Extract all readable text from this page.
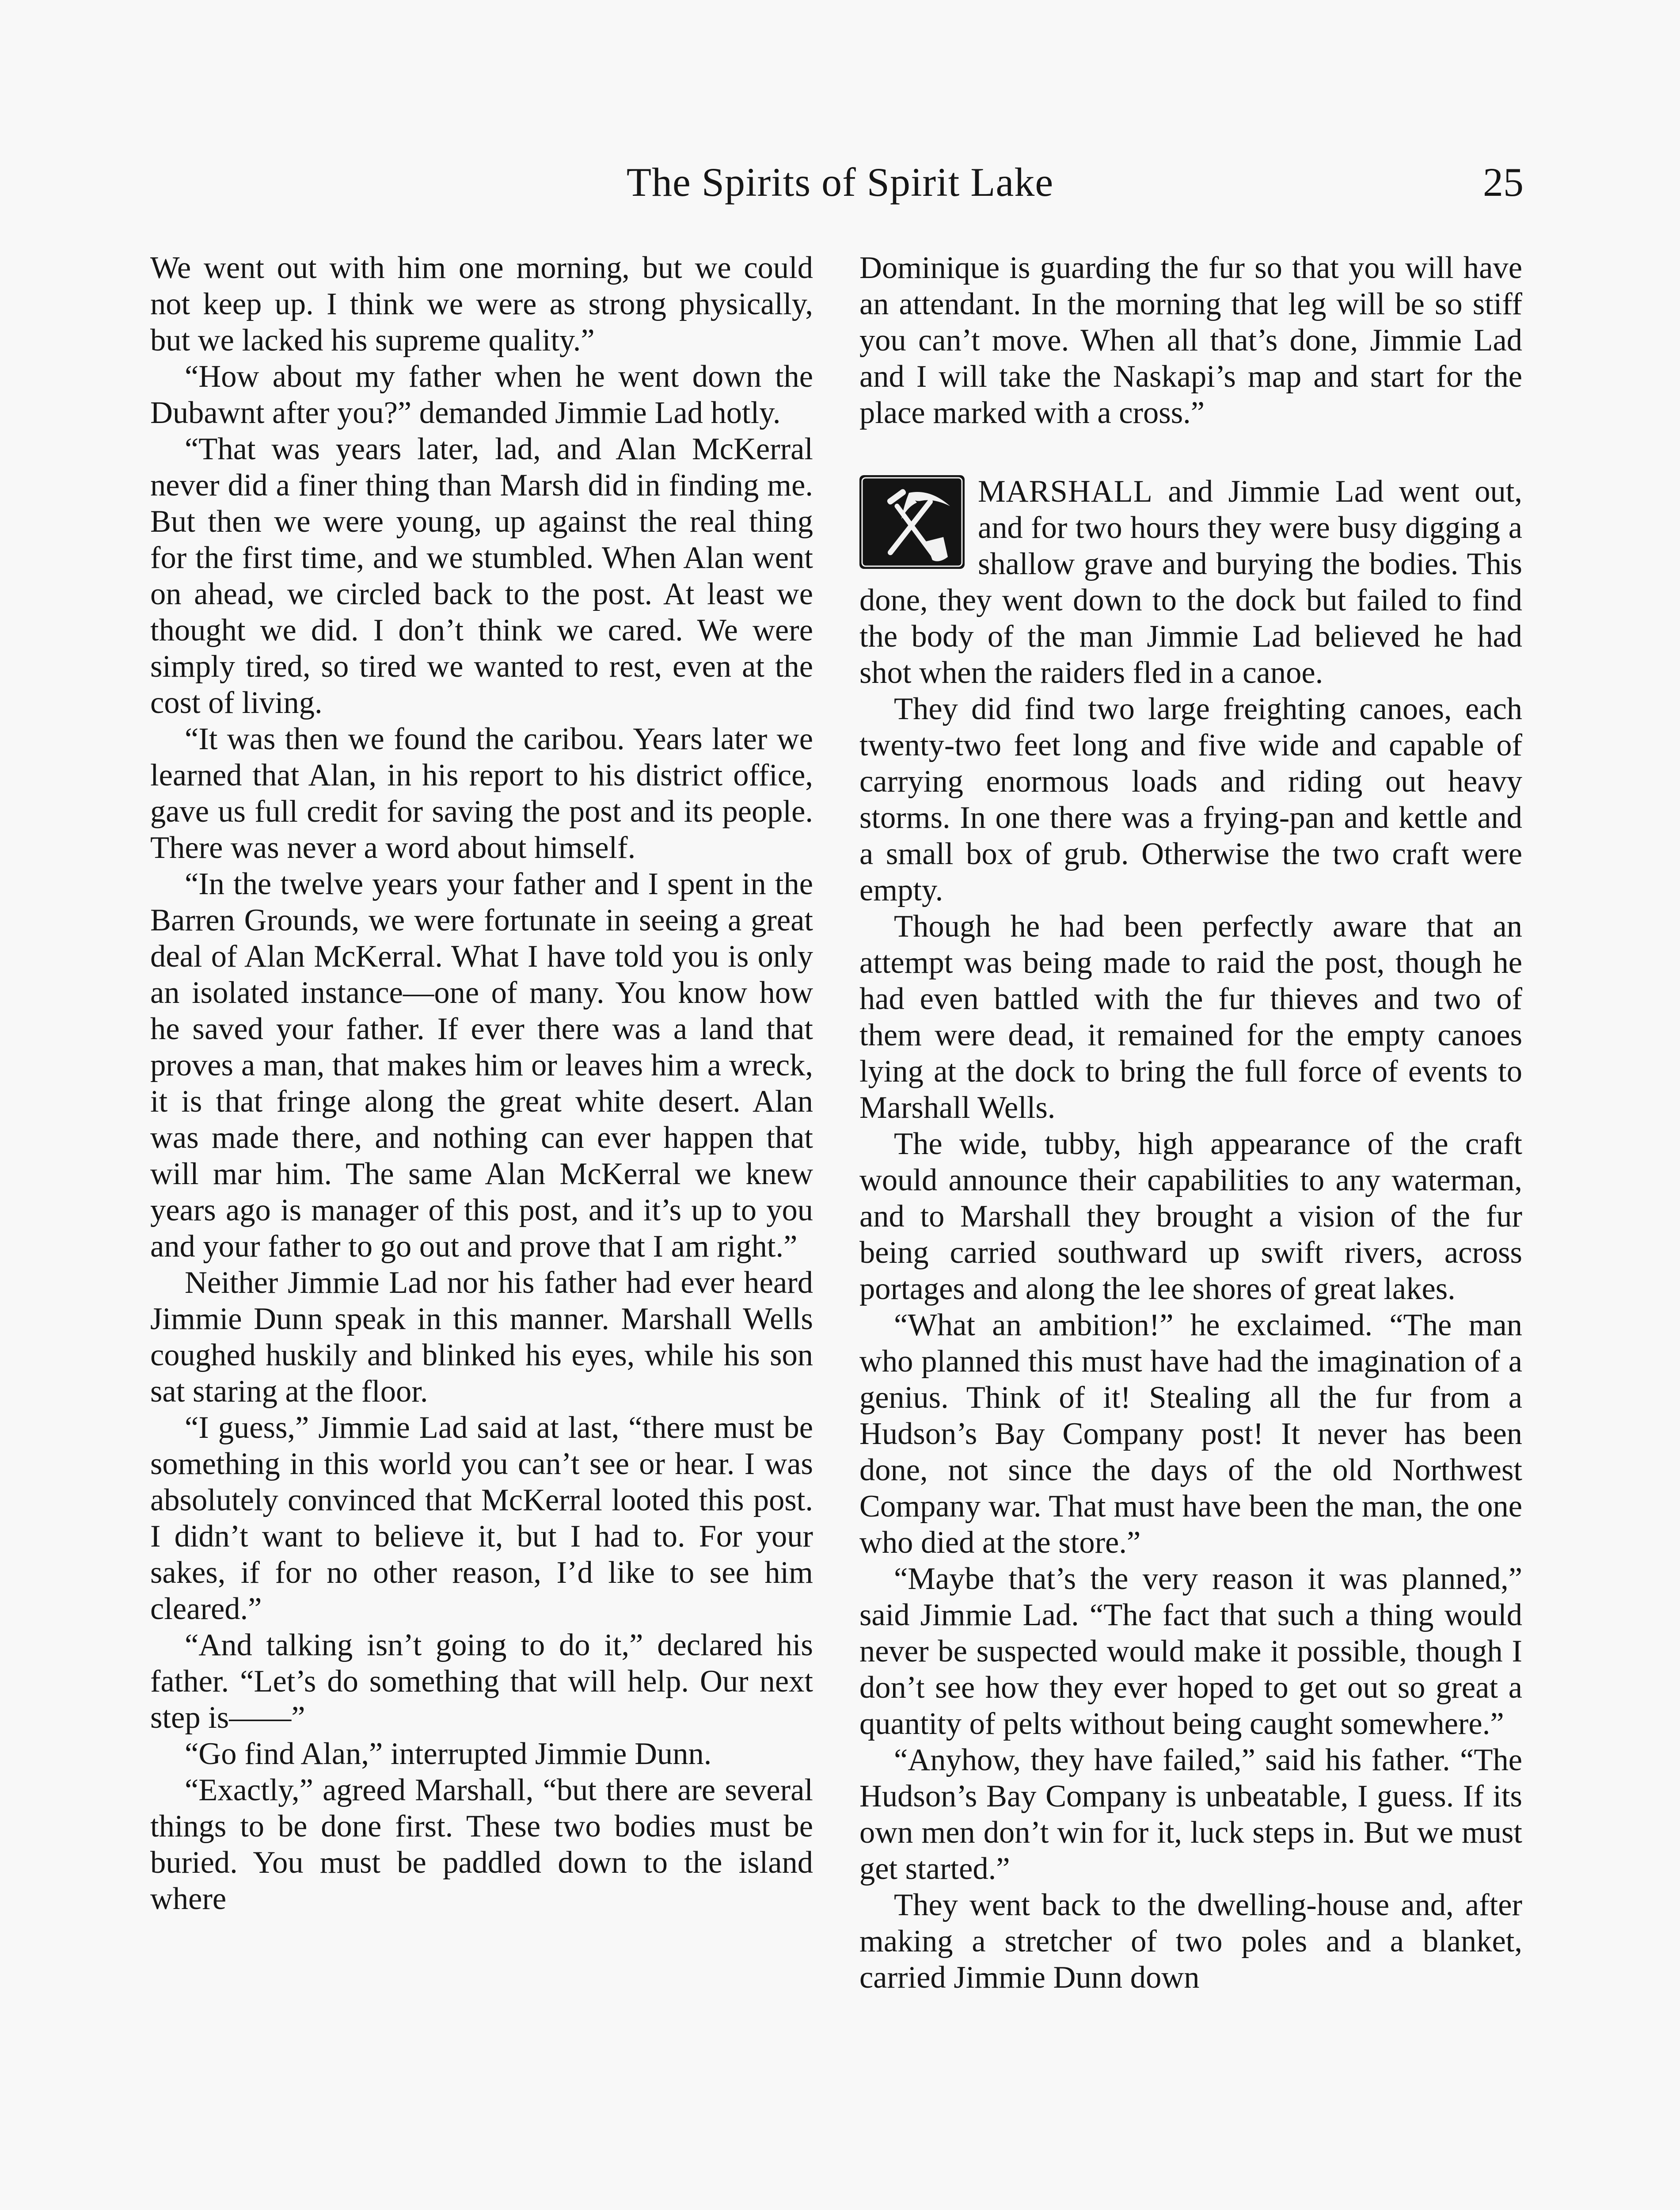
The Spirits of Spirit Lake	25

We went out with him one morning, but we could not keep up. I think we were as strong physically, but we lacked his supreme quality.”

“How about my father when he went down the Dubawnt after you?” demanded Jimmie Lad hotly.

“That was years later, lad, and Alan McKerral never did a finer thing than Marsh did in finding me. But then we were young, up against the real thing for the first time, and we stumbled. When Alan went on ahead, we circled back to the post. At least we thought we did. I don’t think we cared. We were simply tired, so tired we wanted to rest, even at the cost of living.

“It was then we found the caribou. Years later we learned that Alan, in his report to his district office, gave us full credit for saving the post and its people. There was never a word about himself.

“In the twelve years your father and I spent in the Barren Grounds, we were fortunate in seeing a great deal of Alan McKerral. What I have told you is only an isolated instance—one of many. You know how he saved your father. If ever there was a land that proves a man, that makes him or leaves him a wreck, it is that fringe along the great white desert. Alan was made there, and nothing can ever happen that will mar him. The same Alan McKerral we knew years ago is manager of this post, and it’s up to you and your father to go out and prove that I am right.”

Neither Jimmie Lad nor his father had ever heard Jimmie Dunn speak in this manner. Marshall Wells coughed huskily and blinked his eyes, while his son sat staring at the floor.

“I guess,” Jimmie Lad said at last, “there must be something in this world you can’t see or hear. I was absolutely convinced that McKerral looted this post. I didn’t want to believe it, but I had to. For your sakes, if for no other reason, I’d like to see him cleared.”

“And talking isn’t going to do it,” declared his father. “Let’s do something that will help. Our next step is——”

“Go find Alan,” interrupted Jimmie Dunn.

“Exactly,” agreed Marshall, “but there are several things to be done first. These two bodies must be buried. You must be paddled down to the island where

Dominique is guarding the fur so that you will have an attendant. In the morning that leg will be so stiff you can’t move. When all that’s done, Jimmie Lad and I will take the Naskapi’s map and start for the place marked with a cross.”

MARSHALL and Jimmie Lad went out, and for two hours they were busy digging a shallow grave and burying the bodies. This done, they went down to the dock but failed to find the body of the man Jimmie Lad believed he had shot when the raiders fled in a canoe.

They did find two large freighting canoes, each twenty-two feet long and five wide and capable of carrying enormous loads and riding out heavy storms. In one there was a frying-pan and kettle and a small box of grub. Otherwise the two craft were empty.

Though he had been perfectly aware that an attempt was being made to raid the post, though he had even battled with the fur thieves and two of them were dead, it remained for the empty canoes lying at the dock to bring the full force of events to Marshall Wells.

The wide, tubby, high appearance of the craft would announce their capabilities to any waterman, and to Marshall they brought a vision of the fur being carried southward up swift rivers, across portages and along the lee shores of great lakes.

“What an ambition!” he exclaimed. “The man who planned this must have had the imagination of a genius. Think of it! Stealing all the fur from a Hudson’s Bay Company post! It never has been done, not since the days of the old Northwest Company war. That must have been the man, the one who died at the store.”

“Maybe that’s the very reason it was planned,” said Jimmie Lad. “The fact that such a thing would never be suspected would make it possible, though I don’t see how they ever hoped to get out so great a quantity of pelts without being caught somewhere.”

“Anyhow, they have failed,” said his father. “The Hudson’s Bay Company is unbeatable, I guess. If its own men don’t win for it, luck steps in. But we must get started.”

They went back to the dwelling-house and, after making a stretcher of two poles and a blanket, carried Jimmie Dunn down
